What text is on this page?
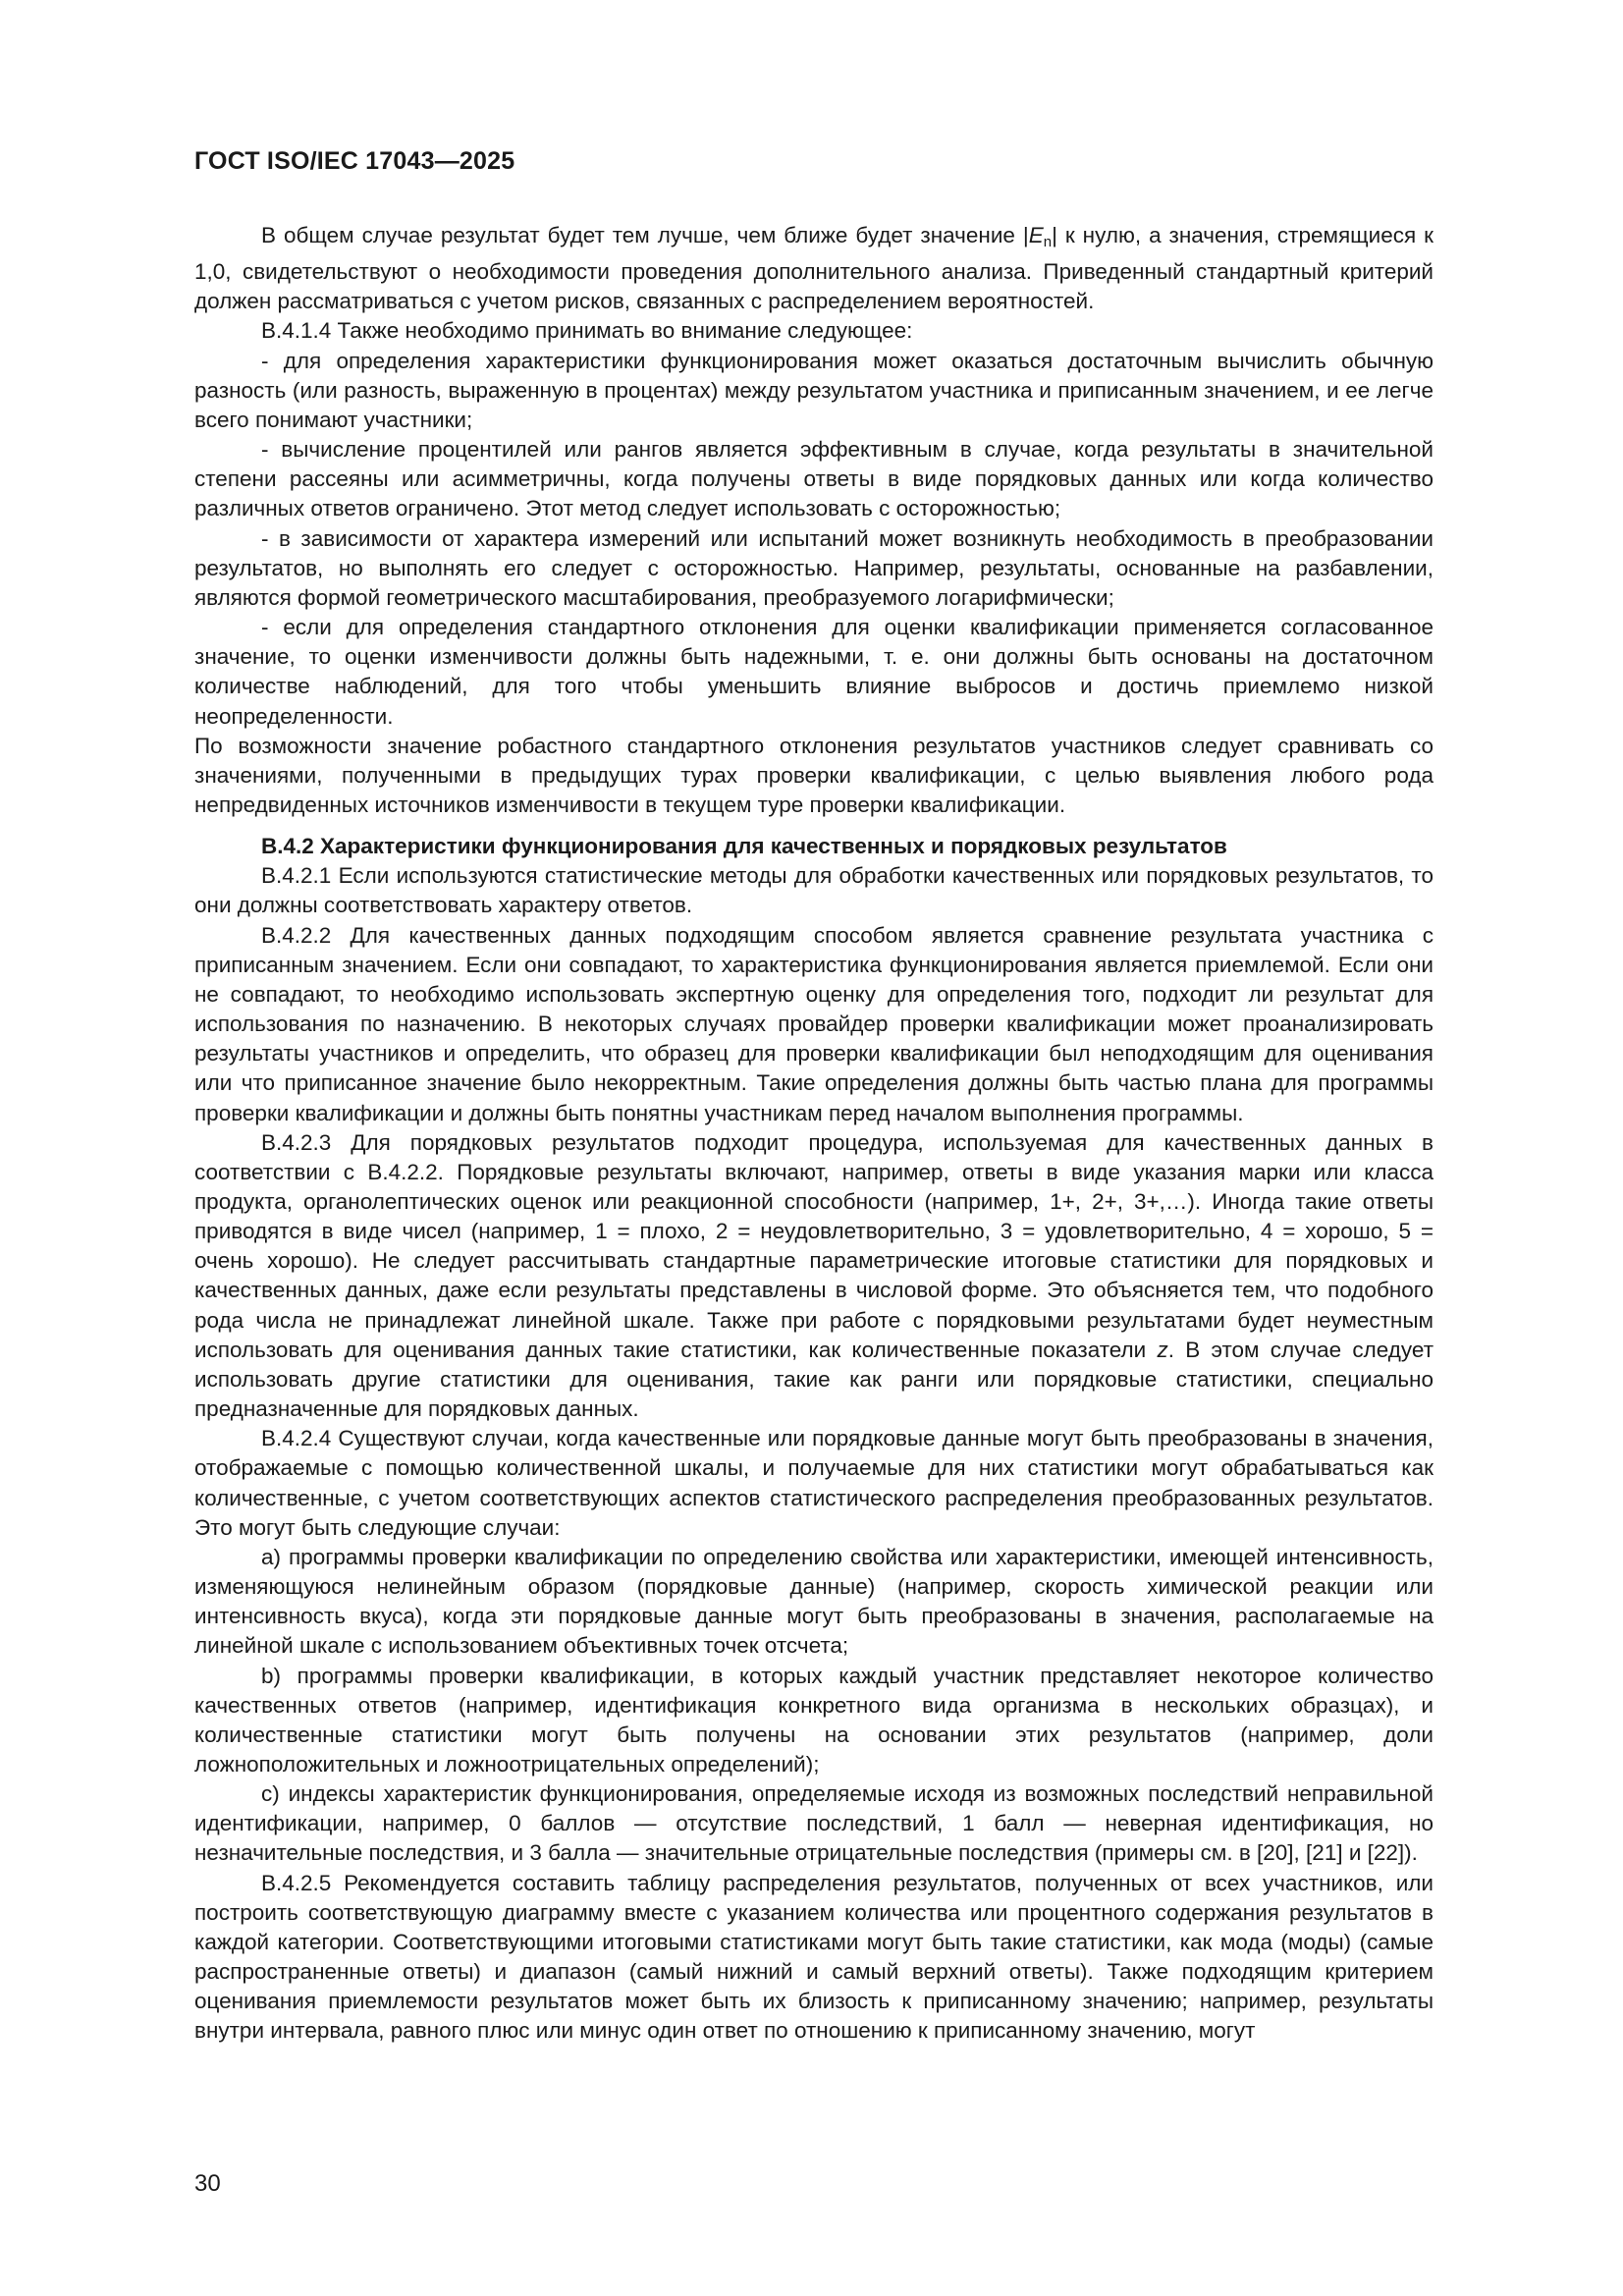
ГОСТ ISO/IEC 17043—2025

В общем случае результат будет тем лучше, чем ближе будет значение $|E_n|$ к нулю, а значения, стремящиеся к 1,0, свидетельствуют о необходимости проведения дополнительного анализа. Приведенный стандартный критерий должен рассматриваться с учетом рисков, связанных с распределением вероятностей.

В.4.1.4 Также необходимо принимать во внимание следующее:

- для определения характеристики функционирования может оказаться достаточным вычислить обычную разность (или разность, выраженную в процентах) между результатом участника и приписанным значением, и ее легче всего понимают участники;

- вычисление процентилей или рангов является эффективным в случае, когда результаты в значительной степени рассеяны или асимметричны, когда получены ответы в виде порядковых данных или когда количество различных ответов ограничено. Этот метод следует использовать с осторожностью;

- в зависимости от характера измерений или испытаний может возникнуть необходимость в преобразовании результатов, но выполнять его следует с осторожностью. Например, результаты, основанные на разбавлении, являются формой геометрического масштабирования, преобразуемого логарифмически;

- если для определения стандартного отклонения для оценки квалификации применяется согласованное значение, то оценки изменчивости должны быть надежными, т. е. они должны быть основаны на достаточном количестве наблюдений, для того чтобы уменьшить влияние выбросов и достичь приемлемо низкой неопределенности.

По возможности значение робастного стандартного отклонения результатов участников следует сравнивать со значениями, полученными в предыдущих турах проверки квалификации, с целью выявления любого рода непредвиденных источников изменчивости в текущем туре проверки квалификации.

В.4.2 Характеристики функционирования для качественных и порядковых результатов

В.4.2.1 Если используются статистические методы для обработки качественных или порядковых результатов, то они должны соответствовать характеру ответов.

В.4.2.2 Для качественных данных подходящим способом является сравнение результата участника с приписанным значением. Если они совпадают, то характеристика функционирования является приемлемой. Если они не совпадают, то необходимо использовать экспертную оценку для определения того, подходит ли результат для использования по назначению. В некоторых случаях провайдер проверки квалификации может проанализировать результаты участников и определить, что образец для проверки квалификации был неподходящим для оценивания или что приписанное значение было некорректным. Такие определения должны быть частью плана для программы проверки квалификации и должны быть понятны участникам перед началом выполнения программы.

В.4.2.3 Для порядковых результатов подходит процедура, используемая для качественных данных в соответствии с В.4.2.2. Порядковые результаты включают, например, ответы в виде указания марки или класса продукта, органолептических оценок или реакционной способности (например, 1+, 2+, 3+,…). Иногда такие ответы приводятся в виде чисел (например, 1 = плохо, 2 = неудовлетворительно, 3 = удовлетворительно, 4 = хорошо, 5 = очень хорошо). Не следует рассчитывать стандартные параметрические итоговые статистики для порядковых и качественных данных, даже если результаты представлены в числовой форме. Это объясняется тем, что подобного рода числа не принадлежат линейной шкале. Также при работе с порядковыми результатами будет неуместным использовать для оценивания данных такие статистики, как количественные показатели z. В этом случае следует использовать другие статистики для оценивания, такие как ранги или порядковые статистики, специально предназначенные для порядковых данных.

В.4.2.4 Существуют случаи, когда качественные или порядковые данные могут быть преобразованы в значения, отображаемые с помощью количественной шкалы, и получаемые для них статистики могут обрабатываться как количественные, с учетом соответствующих аспектов статистического распределения преобразованных результатов. Это могут быть следующие случаи:

a) программы проверки квалификации по определению свойства или характеристики, имеющей интенсивность, изменяющуюся нелинейным образом (порядковые данные) (например, скорость химической реакции или интенсивность вкуса), когда эти порядковые данные могут быть преобразованы в значения, располагаемые на линейной шкале с использованием объективных точек отсчета;

b) программы проверки квалификации, в которых каждый участник представляет некоторое количество качественных ответов (например, идентификация конкретного вида организма в нескольких образцах), и количественные статистики могут быть получены на основании этих результатов (например, доли ложноположительных и ложноотрицательных определений);

c) индексы характеристик функционирования, определяемые исходя из возможных последствий неправильной идентификации, например, 0 баллов — отсутствие последствий, 1 балл — неверная идентификация, но незначительные последствия, и 3 балла — значительные отрицательные последствия (примеры см. в [20], [21] и [22]).

В.4.2.5 Рекомендуется составить таблицу распределения результатов, полученных от всех участников, или построить соответствующую диаграмму вместе с указанием количества или процентного содержания результатов в каждой категории. Соответствующими итоговыми статистиками могут быть такие статистики, как мода (моды) (самые распространенные ответы) и диапазон (самый нижний и самый верхний ответы). Также подходящим критерием оценивания приемлемости результатов может быть их близость к приписанному значению; например, результаты внутри интервала, равного плюс или минус один ответ по отношению к приписанному значению, могут

30
